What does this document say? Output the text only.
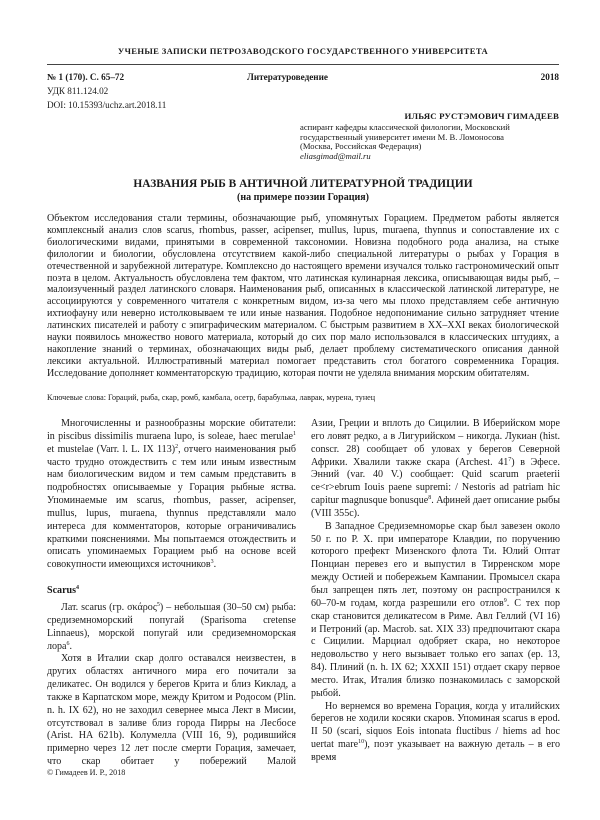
УЧЕНЫЕ ЗАПИСКИ ПЕТРОЗАВОДСКОГО ГОСУДАРСТВЕННОГО УНИВЕРСИТЕТА
№ 1 (170). С. 65–72	Литературоведение	2018
УДК 811.124.02
DOI: 10.15393/uchz.art.2018.11
ИЛЬЯС РУСТЭМОВИЧ ГИМАДЕЕВ
аспирант кафедры классической филологии, Московский
государственный университет имени М. В. Ломоносова
(Москва, Российская Федерация)
eliasgimad@mail.ru
НАЗВАНИЯ РЫБ В АНТИЧНОЙ ЛИТЕРАТУРНОЙ ТРАДИЦИИ
(на примере поэзии Горация)

Объектом исследования стали термины, обозначающие рыб, упомянутых Горацием. Предметом работы является комплексный анализ слов scarus, rhombus, passer, acipenser, mullus, lupus, muraena, thynnus и сопоставление их с биологическими видами, принятыми в современной таксономии. Новизна подобного рода анализа, на стыке филологии и биологии, обусловлена отсутствием какой-либо специальной литературы о рыбах у Горация в отечественной и зарубежной литературе. Комплексно до настоящего времени изучался только гастрономический опыт поэта в целом. Актуальность обусловлена тем фактом, что латинская кулинарная лексика, описывающая виды рыб, – малоизученный раздел латинского словаря. Наименования рыб, описанных в классической латинской литературе, не ассоциируются у современного читателя с конкретным видом, из-за чего мы плохо представляем себе античную ихтиофауну или неверно истолковываем те или иные названия. Подобное недопонимание сильно затрудняет чтение латинских писателей и работу с эпиграфическим материалом. С быстрым развитием в XX–XXI веках биологической науки появилось множество нового материала, который до сих пор мало использовался в классических штудиях, а накопление знаний о терминах, обозначающих виды рыб, делает проблему систематического описания данной лексики актуальной. Иллюстративный материал помогает представить стол богатого современника Горация. Исследование дополняет комментаторскую традицию, которая почти не уделяла внимания морским обитателям.

Ключевые слова: Гораций, рыба, скар, ромб, камбала, осетр, барабулька, лаврак, мурена, тунец

Многочисленны и разнообразны морские обитатели: in piscibus dissimilis muraena lupo, is soleae, haec merulae$^1$ et mustelae (Varr. l. L. IX 113)$^2$, отчего наименования рыб часто трудно отождествить с тем или иным известным нам биологическим видом и тем самым представить в подробностях описываемые у Горация рыбные яства. Упоминаемые им scarus, rhombus, passer, acipenser, mullus, lupus, muraena, thynnus представляли мало интереса для комментаторов, которые ограничивались краткими пояснениями. Мы попытаемся отождествить и описать упоминаемых Горацием рыб на основе всей совокупности имеющихся источников$^3$.

Scarus$^4$

Лат. scarus (гр. σκάρος$^5$) – небольшая (30–50 см) рыба: средиземноморский попугай (Sparisoma cretense Linnaeus), морской попугай или средиземноморская лора$^6$.

Хотя в Италии скар долго оставался неизвестен, в других областях античного мира его почитали за деликатес. Он водился у берегов Крита и близ Киклад, а также в Карпатском море, между Критом и Родосом (Plin. n. h. IX 62), но не заходил севернее мыса Лект в Мисии, отсутствовал в заливе близ города Пирры на Лесбосе (Arist. HA 621b). Колумелла (VIII 16, 9), родившийся примерно через 12 лет после смерти Горация, замечает, что скар обитает у побережий Малой

Азии, Греции и вплоть до Сицилии. В Иберийском море его ловят редко, а в Лигурийском – никогда. Лукиан (hist. conscr. 28) сообщает об уловах у берегов Северной Африки. Хвалили также скара (Archest. $41^7$) в Эфесе. Энний (var. 40 V.) сообщает: Quid scarum praeterii ce<r>ebrum Iouis paene supremi: / Nestoris ad patriam hic capitur magnusque bonusque$^8$. Афиней дает описание рыбы (VIII 355c).

В Западное Средиземноморье скар был завезен около 50 г. по Р. Х. при императоре Клавдии, по поручению которого префект Мизенского флота Ти. Юлий Оптат Понциан перевез его и выпустил в Тирренском море между Остией и побережьем Кампании. Промысел скара был запрещен пять лет, поэтому он распространился к 60–70-м годам, когда разрешили его отлов$^9$. С тех пор скар становится деликатесом в Риме. Авл Геллий (VI 16) и Петроний (ap. Macrob. sat. XIX 33) предпочитают скара с Сицилии. Марциал одобряет скара, но некоторое недовольство у него вызывает только его запах (ep. 13, 84). Плиний (n. h. IX 62; XXXII 151) отдает скару первое место. Итак, Италия близко познакомилась с заморской рыбой.

Но вернемся во времена Горация, когда у италийских берегов не ходили косяки скаров. Упоминая scarus в epod. II 50 (scari, siquos Eois intonata fluctibus / hiems ad hoc uertat mare$^{10}$), поэт указывает на важную деталь – в его время

© Гимадеев И. Р., 2018
